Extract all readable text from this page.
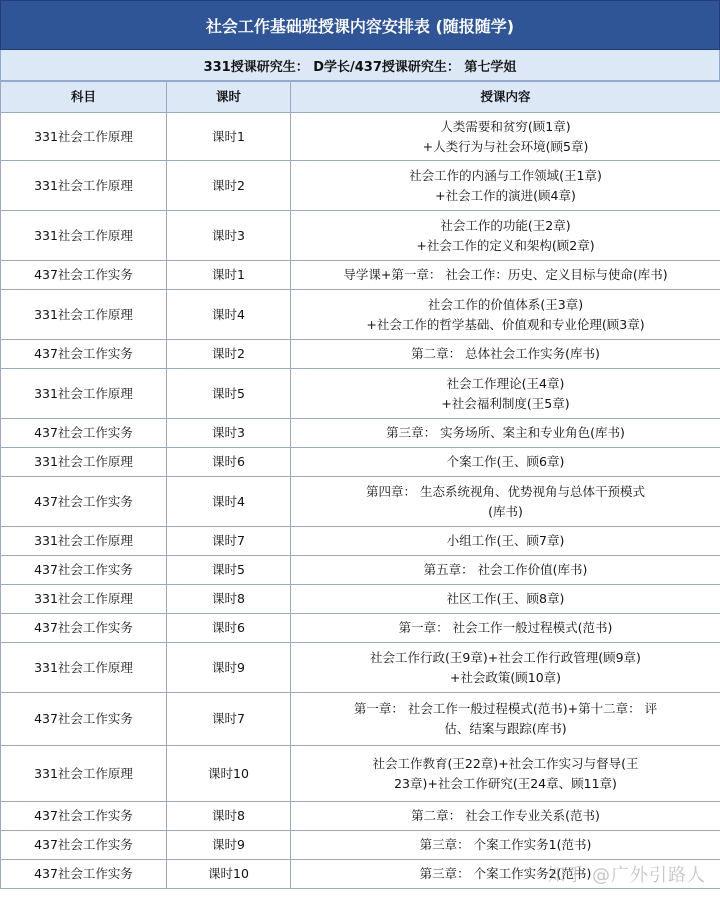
社会工作基础班授课内容安排表 (随报随学)
331授课研究生： D学长/437授课研究生： 第七学姐
科目	课时	授课内容
331社会工作原理	课时1	人类需要和贫穷(顾1章)
+人类行为与社会环境(顾5章)
331社会工作原理	课时2	社会工作的内涵与工作领域(王1章)
+社会工作的演进(顾4章)
331社会工作原理	课时3	社会工作的功能(王2章)
+社会工作的定义和架构(顾2章)
437社会工作实务	课时1	导学课+第一章： 社会工作：历史、定义目标与使命(库书)
331社会工作原理	课时4	社会工作的价值体系(王3章)
+社会工作的哲学基础、价值观和专业伦理(顾3章)
437社会工作实务	课时2	第二章： 总体社会工作实务(库书)
331社会工作原理	课时5	社会工作理论(王4章)
+社会福利制度(王5章)
437社会工作实务	课时3	第三章： 实务场所、案主和专业角色(库书)
331社会工作原理	课时6	个案工作(王、顾6章)
437社会工作实务	课时4	第四章： 生态系统视角、优势视角与总体干预模式
(库书)
331社会工作原理	课时7	小组工作(王、顾7章)
437社会工作实务	课时5	第五章： 社会工作价值(库书)
331社会工作原理	课时8	社区工作(王、顾8章)
437社会工作实务	课时6	第一章： 社会工作一般过程模式(范书)
331社会工作原理	课时9	社会工作行政(王9章)+社会工作行政管理(顾9章)
+社会政策(顾10章)
437社会工作实务	课时7	第一章： 社会工作一般过程模式(范书)+第十二章： 评
估、结案与跟踪(库书)
331社会工作原理	课时10	社会工作教育(王22章)+社会工作实习与督导(王
23章)+社会工作研究(王24章、顾11章)
437社会工作实务	课时8	第二章： 社会工作专业关系(范书)
437社会工作实务	课时9	第三章： 个案工作实务1(范书)
437社会工作实务	课时10	第三章： 个案工作实务2(范书)
知乎 @广外引路人
